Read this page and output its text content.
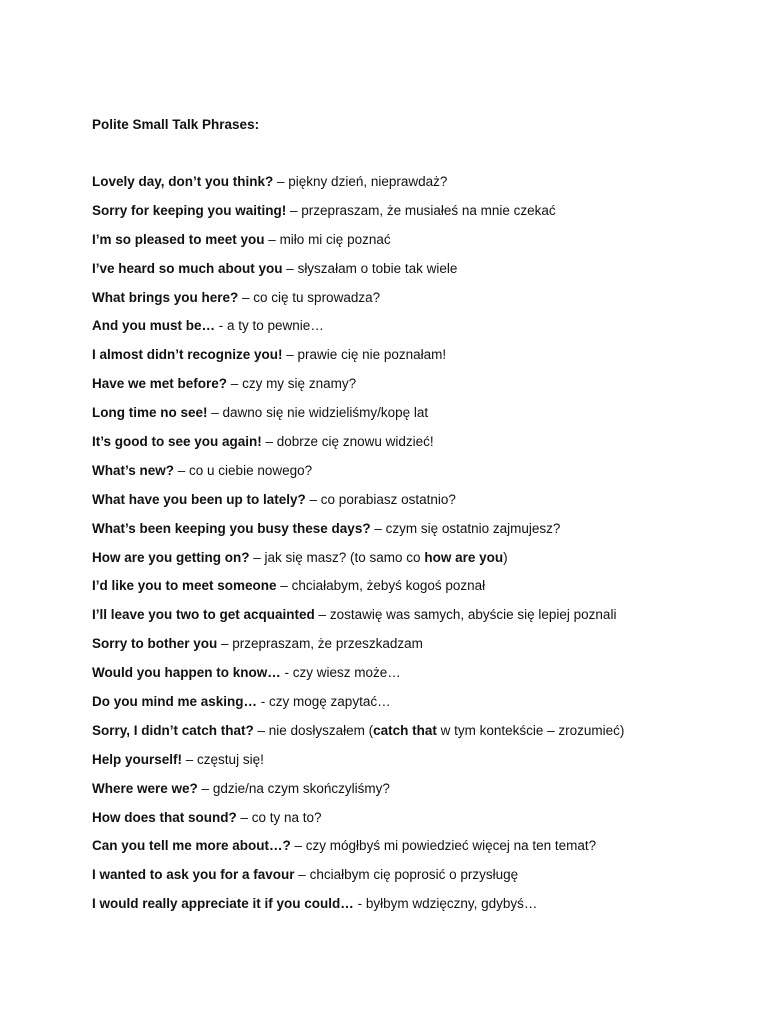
Polite Small Talk Phrases:
Lovely day, don’t you think? – piękny dzień, nieprawdaż?
Sorry for keeping you waiting! – przepraszam, że musiałeś na mnie czekać
I’m so pleased to meet you – miło mi cię poznać
I’ve heard so much about you – słyszałam o tobie tak wiele
What brings you here? – co cię tu sprowadza?
And you must be… - a ty to pewnie…
I almost didn’t recognize you! – prawie cię nie poznałam!
Have we met before? – czy my się znamy?
Long time no see! – dawno się nie widzieliśmy/kopę lat
It’s good to see you again! – dobrze cię znowu widzieć!
What’s new? – co u ciebie nowego?
What have you been up to lately? – co porabiasz ostatnio?
What’s been keeping you busy these days? – czym się ostatnio zajmujesz?
How are you getting on? – jak się masz? (to samo co how are you)
I’d like you to meet someone – chciałabym, żebyś kogoś poznał
I’ll leave you two to get acquainted – zostawię was samych, abyście się lepiej poznali
Sorry to bother you – przepraszam, że przeszkadzam
Would you happen to know… - czy wiesz może…
Do you mind me asking… - czy mogę zapytać…
Sorry, I didn’t catch that? – nie dosłyszałem (catch that w tym kontekście – zrozumieć)
Help yourself! – częstuj się!
Where were we? – gdzie/na czym skończyliśmy?
How does that sound? – co ty na to?
Can you tell me more about…? – czy mógłbyś mi powiedzieć więcej na ten temat?
I wanted to ask you for a favour – chciałbym cię poprosić o przysługę
I would really appreciate it if you could… - byłbym wdzięczny, gdybyś…
